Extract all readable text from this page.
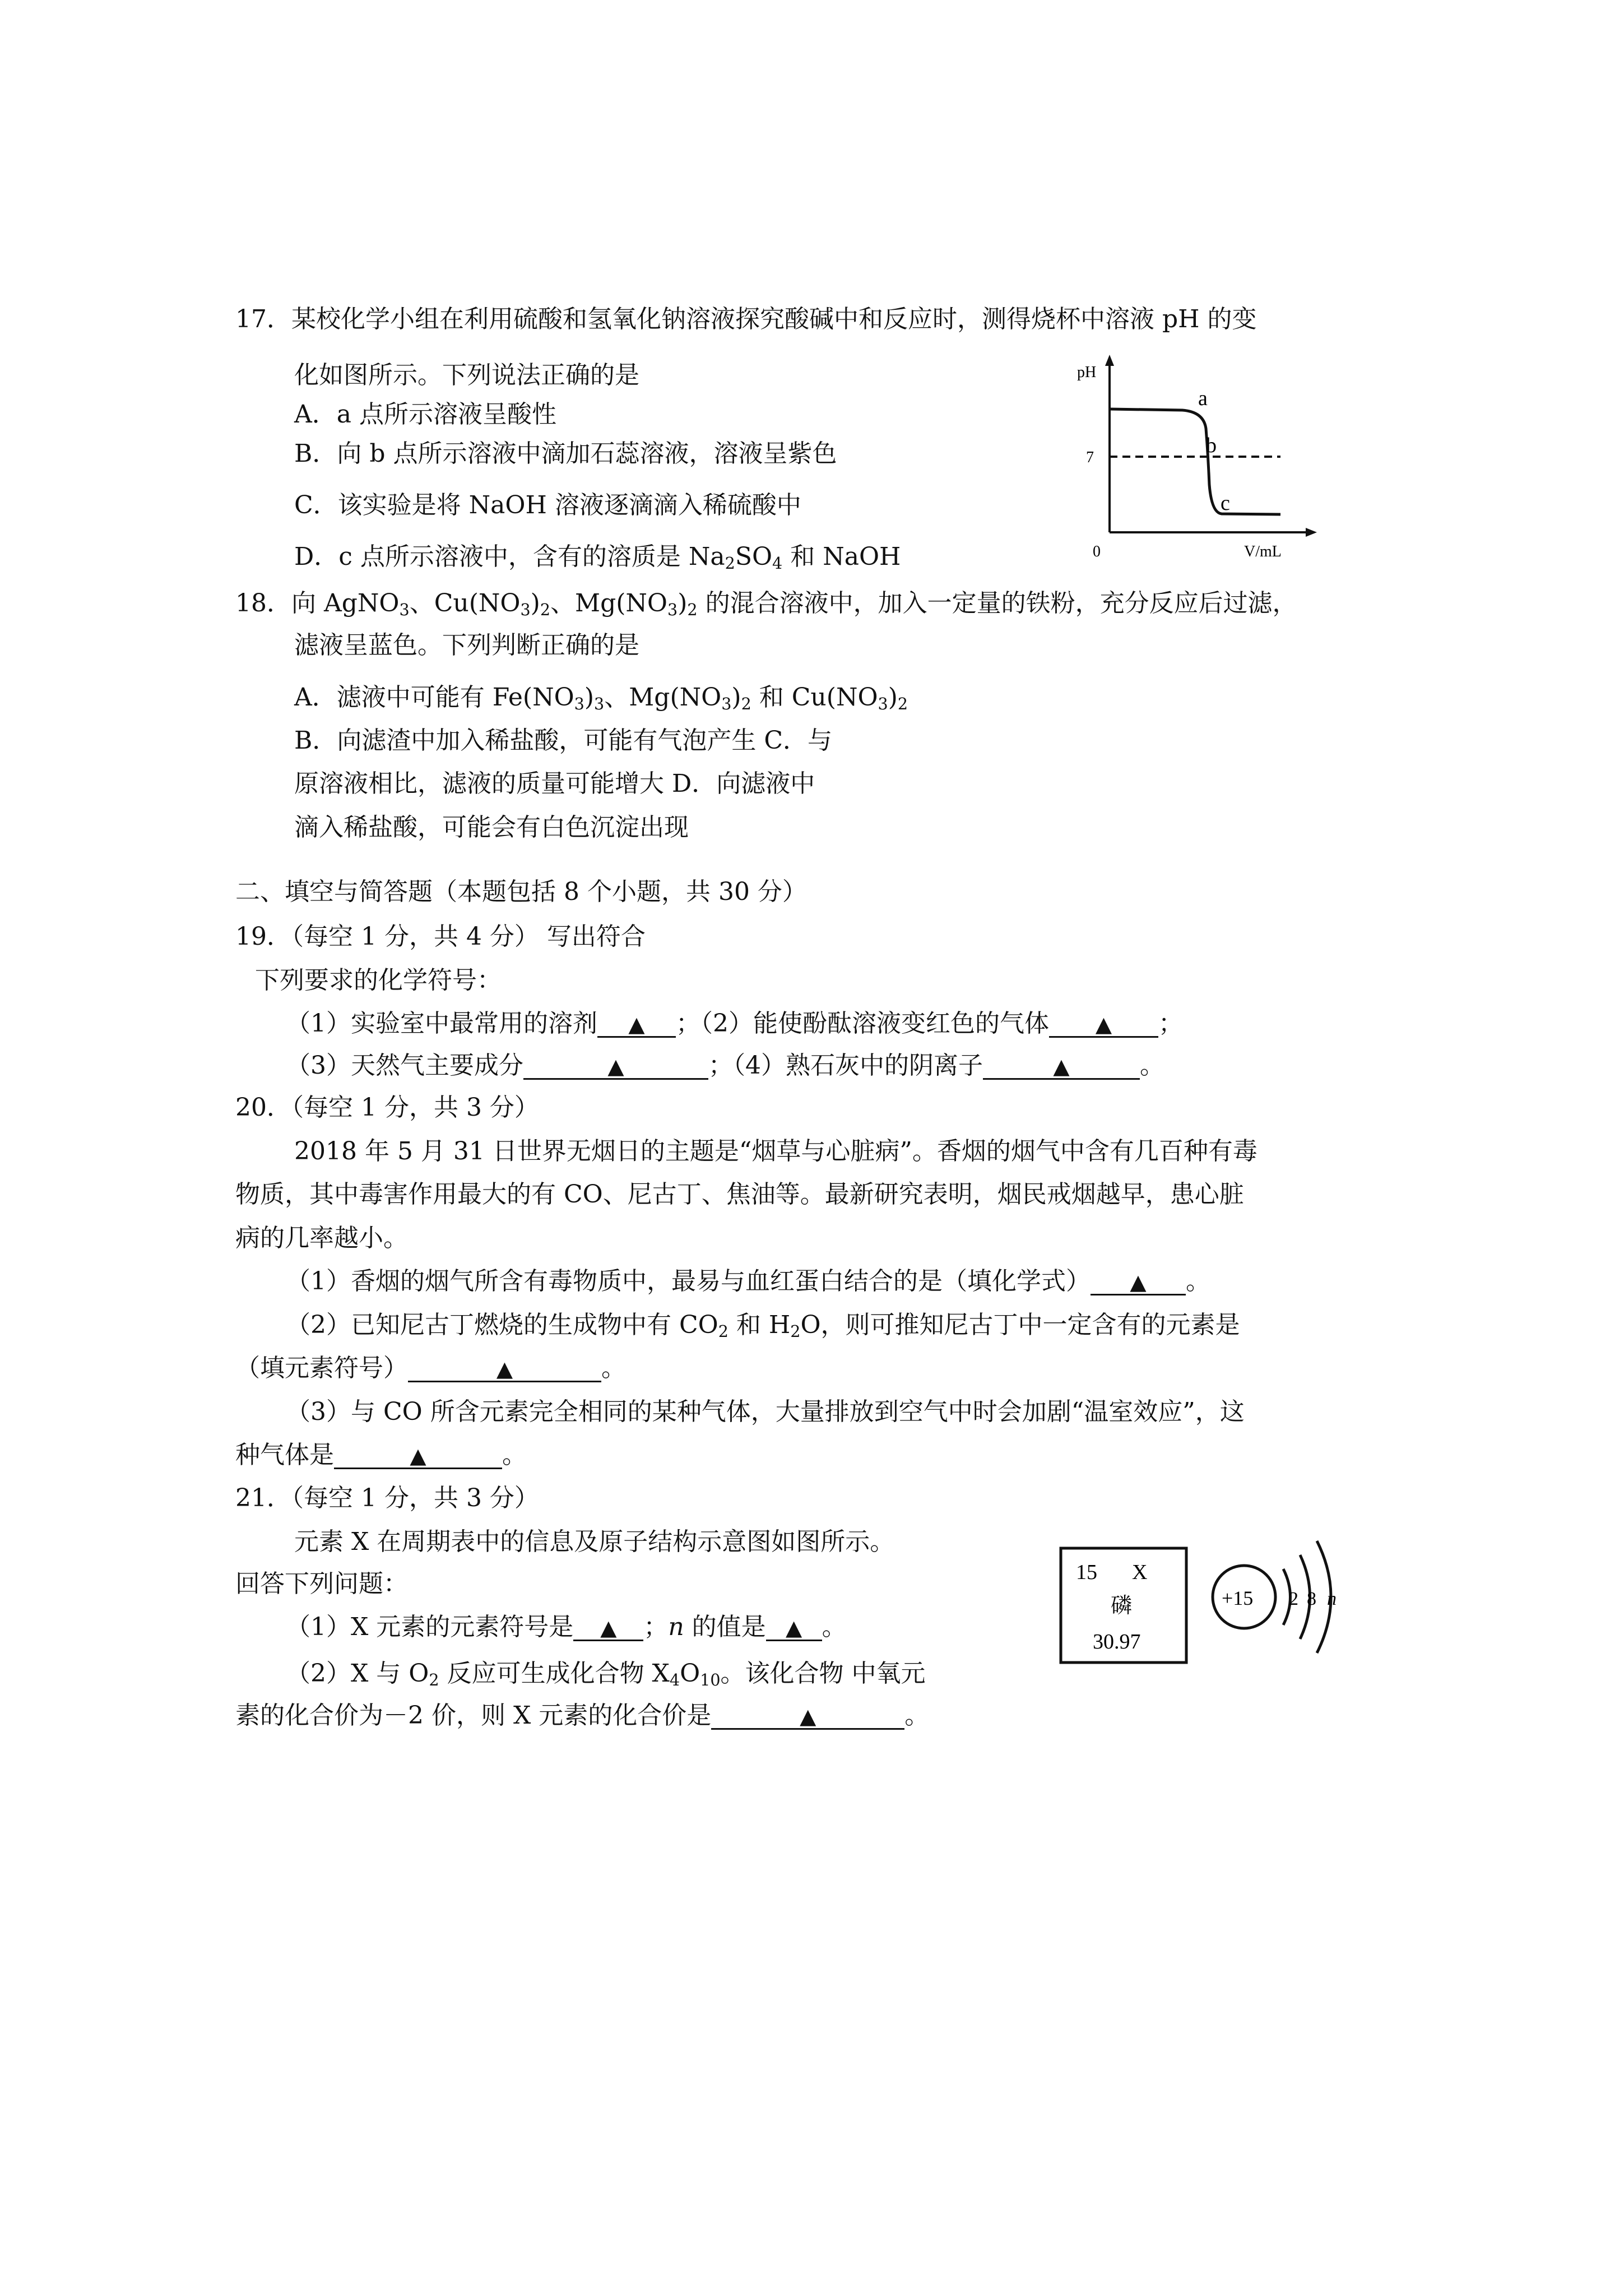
17．某校化学小组在利用硫酸和氢氧化钠溶液探究酸碱中和反应时，测得烧杯中溶液 pH 的变
化如图所示。下列说法正确的是
A．a 点所示溶液呈酸性
B．向 b 点所示溶液中滴加石蕊溶液，溶液呈紫色
C．该实验是将 NaOH 溶液逐滴滴入稀硫酸中
D．c 点所示溶液中，含有的溶质是 $Na_2SO_4$ 和 NaOH
pH
V/mL
0
7
a
b
c
18．向 AgNO$_3$、$Cu(NO_3)_2$、$Mg(NO_3)_2$ 的混合溶液中，加入一定量的铁粉，充分反应后过滤，
滤液呈蓝色。下列判断正确的是
A．滤液中可能有 $Fe(NO_3)_3$、$Mg(NO_3)_2$ 和 $Cu(NO_3)_2$
B．向滤渣中加入稀盐酸，可能有气泡产生 C．与
原溶液相比，滤液的质量可能增大 D．向滤液中
滴入稀盐酸，可能会有白色沉淀出现
二、填空与简答题（本题包括 8 个小题，共 30 分）
19．（每空 1 分，共 4 分） 写出符合
下列要求的化学符号：
（1）实验室中最常用的溶剂 ▲ ；（2）能使酚酞溶液变红色的气体 ▲ ；
（3）天然气主要成分	▲	；（4）熟石灰中的阴离子	▲	。
20．（每空 1 分，共 3 分）
2018 年 5 月 31 日世界无烟日的主题是“烟草与心脏病”。香烟的烟气中含有几百种有毒
物质，其中毒害作用最大的有 CO、尼古丁、焦油等。最新研究表明，烟民戒烟越早，患心脏
病的几率越小。
（1）香烟的烟气所含有毒物质中，最易与血红蛋白结合的是（填化学式） ▲ 。
（2）已知尼古丁燃烧的生成物中有 $CO_2$ 和 $H_2O$，则可推知尼古丁中一定含有的元素是
（填元素符号）	▲	。
（3）与 CO 所含元素完全相同的某种气体，大量排放到空气中时会加剧“温室效应”，这
种气体是	▲	。
21．（每空 1 分，共 3 分）
元素 X 在周期表中的信息及原子结构示意图如图所示。
回答下列问题：
（1）X 元素的元素符号是 ▲ ；n 的值是 ▲ 。
（2）X 与 $O_2$ 反应可生成化合物 $X_4O_{10}$。该化合物 中氧元
素的化合价为－2 价，则 X 元素的化合价是	▲	。
15 X
磷
30.97
+15 2 8 n
